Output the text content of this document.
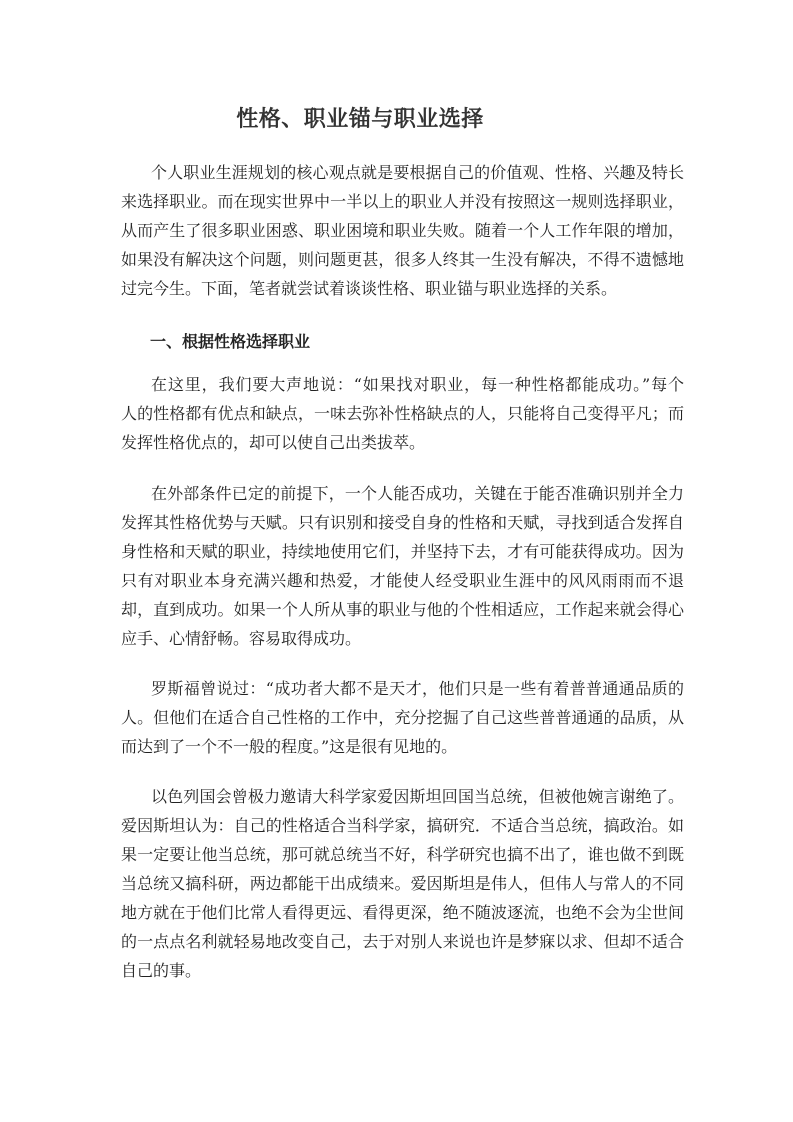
性格、职业锚与职业选择
个人职业生涯规划的核心观点就是要根据自己的价值观、性格、兴趣及特长
来选择职业。而在现实世界中一半以上的职业人并没有按照这一规则选择职业，
从而产生了很多职业困惑、职业困境和职业失败。随着一个人工作年限的增加，
如果没有解决这个问题，则问题更甚，很多人终其一生没有解决，不得不遗憾地
过完今生。下面，笔者就尝试着谈谈性格、职业锚与职业选择的关系。
一、根据性格选择职业
在这里，我们要大声地说：“如果找对职业，每一种性格都能成功。”每个
人的性格都有优点和缺点，一味去弥补性格缺点的人，只能将自己变得平凡；而
发挥性格优点的，却可以使自己出类拔萃。
在外部条件已定的前提下，一个人能否成功，关键在于能否准确识别并全力
发挥其性格优势与天赋。只有识别和接受自身的性格和天赋，寻找到适合发挥自
身性格和天赋的职业，持续地使用它们，并坚持下去，才有可能获得成功。因为
只有对职业本身充满兴趣和热爱，才能使人经受职业生涯中的风风雨雨而不退
却，直到成功。如果一个人所从事的职业与他的个性相适应，工作起来就会得心
应手、心情舒畅。容易取得成功。
罗斯福曾说过：“成功者大都不是天才，他们只是一些有着普普通通品质的
人。但他们在适合自己性格的工作中，充分挖掘了自己这些普普通通的品质，从
而达到了一个不一般的程度。”这是很有见地的。
以色列国会曾极力邀请大科学家爱因斯坦回国当总统，但被他婉言谢绝了。
爱因斯坦认为：自己的性格适合当科学家，搞研究．不适合当总统，搞政治。如
果一定要让他当总统，那可就总统当不好，科学研究也搞不出了，谁也做不到既
当总统又搞科研，两边都能干出成绩来。爱因斯坦是伟人，但伟人与常人的不同
地方就在于他们比常人看得更远、看得更深，绝不随波逐流，也绝不会为尘世间
的一点点名利就轻易地改变自己，去于对别人来说也许是梦寐以求、但却不适合
自己的事。
